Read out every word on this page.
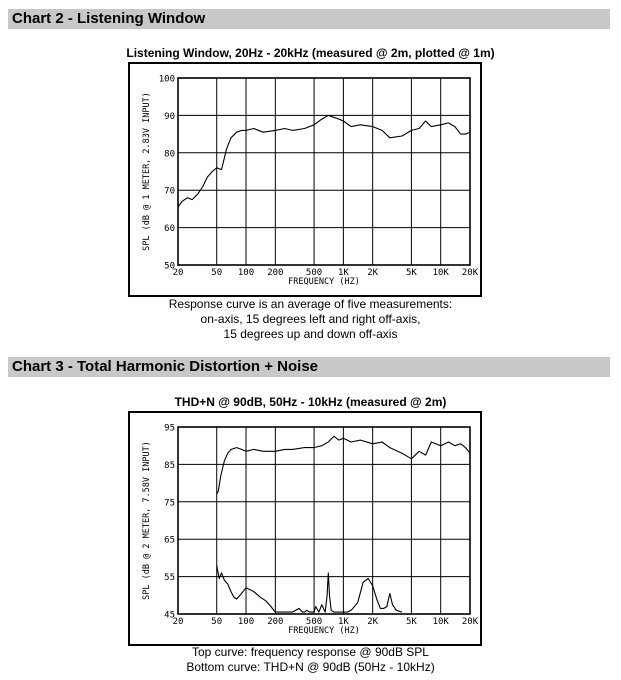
Chart 2 - Listening Window
Listening Window, 20Hz - 20kHz (measured @ 2m, plotted @ 1m)
20	50 100 200 500 1K 2K	5K 10K 20K
50
60
70
80
90
100
FREQUENCY (HZ)
SPL (dB @ 1 METER, 2.83V INPUT)
Response curve is an average of five measurements:
on-axis, 15 degrees left and right off-axis,
15 degrees up and down off-axis
Chart 3 - Total Harmonic Distortion + Noise
THD+N @ 90dB, 50Hz - 10kHz (measured @ 2m)
20	50 100 200 500 1K 2K	5K 10K 20K
45
55
65
75
85
95
FREQUENCY (HZ)
SPL (dB @ 2 METER, 7.58V INPUT)
Top curve: frequency response @ 90dB SPL
Bottom curve: THD+N @ 90dB (50Hz - 10kHz)
